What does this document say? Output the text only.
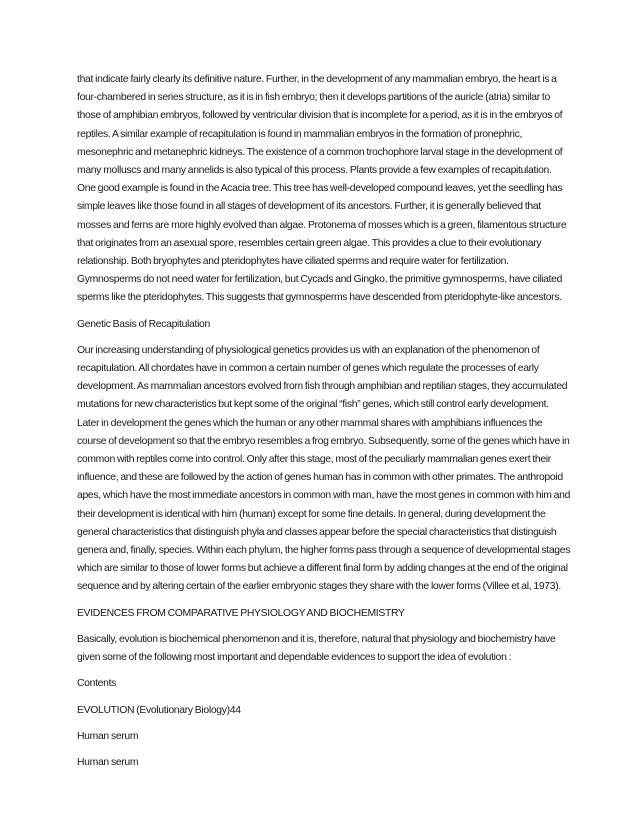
that indicate fairly clearly its definitive nature. Further, in the development of any mammalian embryo, the heart is a four-chambered in series structure, as it is in fish embryo; then it develops partitions of the auricle (atria) similar to those of amphibian embryos, followed by ventricular division that is incomplete for a period, as it is in the embryos of reptiles. A similar example of recapitulation is found in mammalian embryos in the formation of pronephric, mesonephric and metanephric kidneys. The existence of a common trochophore larval stage in the development of many molluscs and many annelids is also typical of this process. Plants provide a few examples of recapitulation. One good example is found in the Acacia tree. This tree has well-developed compound leaves, yet the seedling has simple leaves like those found in all stages of development of its ancestors. Further, it is generally believed that mosses and ferns are more highly evolved than algae. Protonema of mosses which is a green, filamentous structure that originates from an asexual spore, resembles certain green algae. This provides a clue to their evolutionary relationship. Both bryophytes and pteridophytes have ciliated sperms and require water for fertilization. Gymnosperms do not need water for fertilization, but Cycads and Gingko, the primitive gymnosperms, have ciliated sperms like the pteridophytes. This suggests that gymnosperms have descended from pteridophyte-like ancestors.

Genetic Basis of Recapitulation

Our increasing understanding of physiological genetics provides us with an explanation of the phenomenon of recapitulation. All chordates have in common a certain number of genes which regulate the processes of early development. As mammalian ancestors evolved from fish through amphibian and reptilian stages, they accumulated mutations for new characteristics but kept some of the original “fish” genes, which still control early development. Later in development the genes which the human or any other mammal shares with amphibians influences the course of development so that the embryo resembles a frog embryo. Subsequently, some of the genes which have in common with reptiles come into control. Only after this stage, most of the peculiarly mammalian genes exert their influence, and these are followed by the action of genes human has in common with other primates. The anthropoid apes, which have the most immediate ancestors in common with man, have the most genes in common with him and their development is identical with him (human) except for some fine details. In general, during development the general characteristics that distinguish phyla and classes appear before the special characteristics that distinguish genera and, finally, species. Within each phylum, the higher forms pass through a sequence of developmental stages which are similar to those of lower forms but achieve a different final form by adding changes at the end of the original sequence and by altering certain of the earlier embryonic stages they share with the lower forms (Villee et al, 1973).

EVIDENCES FROM COMPARATIVE PHYSIOLOGY AND BIOCHEMISTRY

Basically, evolution is biochemical phenomenon and it is, therefore, natural that physiology and biochemistry have given some of the following most important and dependable evidences to support the idea of evolution :

Contents

EVOLUTION (Evolutionary Biology)44

Human serum

Human serum
